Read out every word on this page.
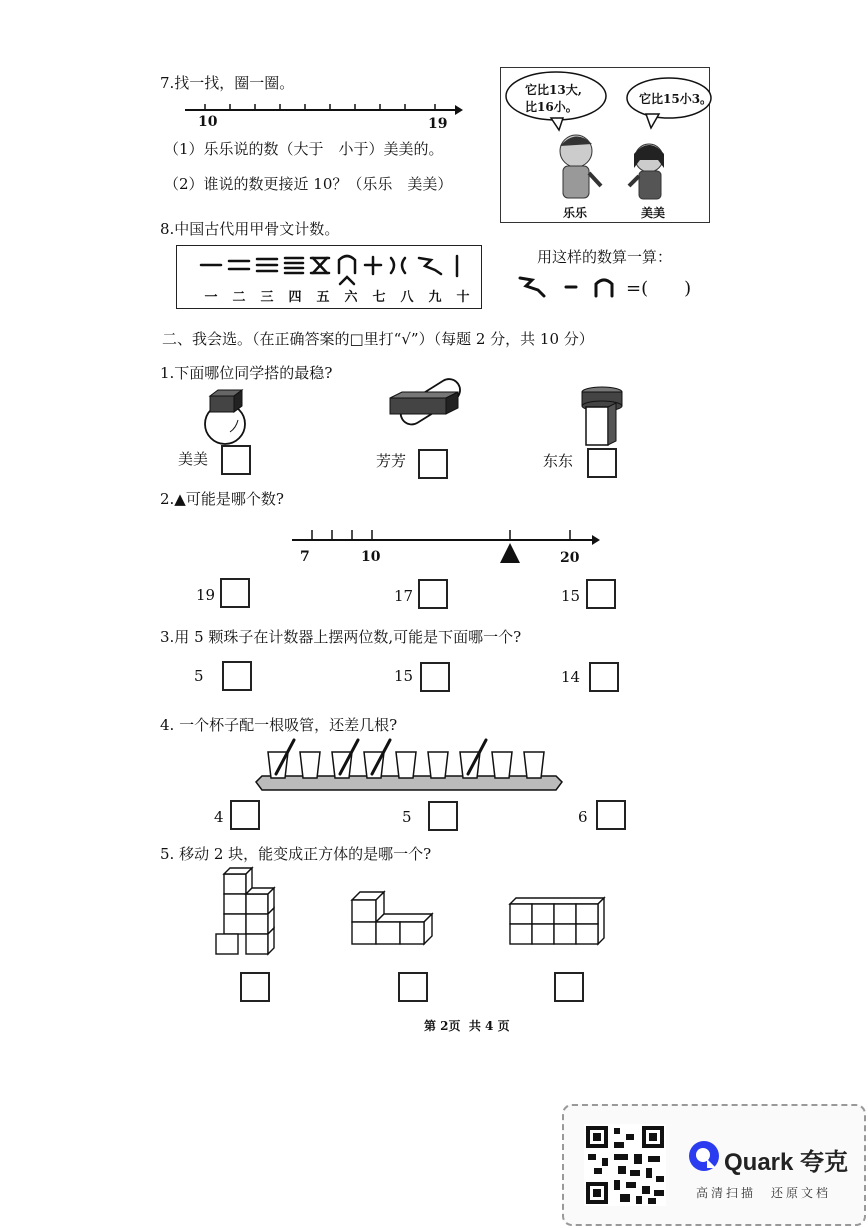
7.找一找，圈一圈。
10	19
（1）乐乐说的数（大于　小于）美美的。
（2）谁说的数更接近 10？（乐乐　美美）
它比13大,
比16小。
它比15小3。
乐乐	美美
8.中国古代用甲骨文计数。
一	二	三	四	五	六	七	八	九	十
用这样的数算一算：
=(　　)
二、我会选。（在正确答案的□里打“√”）（每题 2 分，共 10 分）
1.下面哪位同学搭的最稳?
美美	芳芳	东东
2.▲可能是哪个数?
7	10	20
19	17	15
3.用 5 颗珠子在计数器上摆两位数,可能是下面哪一个?
5	15	14
4. 一个杯子配一根吸管，还差几根?
4	5	6
5. 移动 2 块，能变成正方体的是哪一个?
第 2页  共 4 页
Quark 夸克
高清扫描　还原文档
